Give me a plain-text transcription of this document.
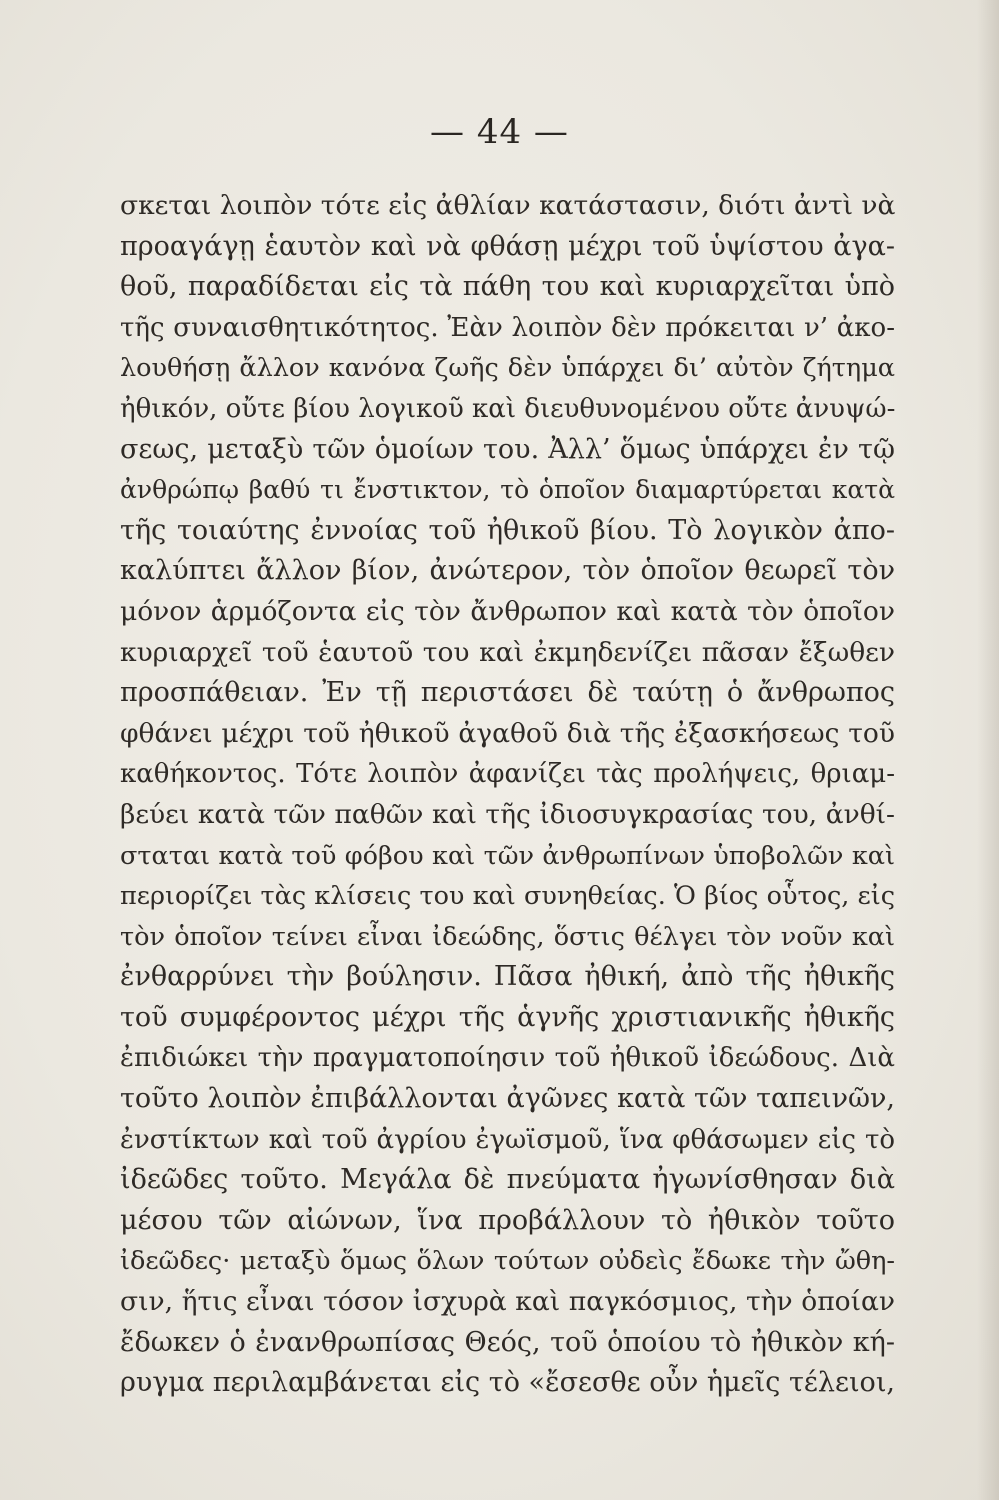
— 44 —
σκεται λοιπὸν τότε εἰς ἀθλίαν κατάστασιν, διότι ἀντὶ νὰ
προαγάγῃ ἑαυτὸν καὶ νὰ φθάσῃ μέχρι τοῦ ὑψίστου ἀγα-
θοῦ, παραδίδεται εἰς τὰ πάθη του καὶ κυριαρχεῖται ὑπὸ
τῆς συναισθητικότητος. Ἐὰν λοιπὸν δὲν πρόκειται ν’ ἀκο-
λουθήσῃ ἄλλον κανόνα ζωῆς δὲν ὑπάρχει δι’ αὐτὸν ζήτημα
ἠθικόν, οὔτε βίου λογικοῦ καὶ διευθυνομένου οὔτε ἀνυψώ-
σεως, μεταξὺ τῶν ὁμοίων του. Ἀλλ’ ὅμως ὑπάρχει ἐν τῷ
ἀνθρώπῳ βαθύ τι ἔνστικτον, τὸ ὁποῖον διαμαρτύρεται κατὰ
τῆς τοιαύτης ἐννοίας τοῦ ἠθικοῦ βίου. Τὸ λογικὸν ἀπο-
καλύπτει ἄλλον βίον, ἀνώτερον, τὸν ὁποῖον θεωρεῖ τὸν
μόνον ἁρμόζοντα εἰς τὸν ἄνθρωπον καὶ κατὰ τὸν ὁποῖον
κυριαρχεῖ τοῦ ἑαυτοῦ του καὶ ἐκμηδενίζει πᾶσαν ἔξωθεν
προσπάθειαν. Ἐν τῇ περιστάσει δὲ ταύτῃ ὁ ἄνθρωπος
φθάνει μέχρι τοῦ ἠθικοῦ ἀγαθοῦ διὰ τῆς ἐξασκήσεως τοῦ
καθήκοντος. Τότε λοιπὸν ἀφανίζει τὰς προλήψεις, θριαμ-
βεύει κατὰ τῶν παθῶν καὶ τῆς ἰδιοσυγκρασίας του, ἀνθί-
σταται κατὰ τοῦ φόβου καὶ τῶν ἀνθρωπίνων ὑποβολῶν καὶ
περιορίζει τὰς κλίσεις του καὶ συνηθείας. Ὁ βίος οὗτος, εἰς
τὸν ὁποῖον τείνει εἶναι ἰδεώδης, ὅστις θέλγει τὸν νοῦν καὶ
ἐνθαρρύνει τὴν βούλησιν. Πᾶσα ἠθική, ἀπὸ τῆς ἠθικῆς
τοῦ συμφέροντος μέχρι τῆς ἁγνῆς χριστιανικῆς ἠθικῆς
ἐπιδιώκει τὴν πραγματοποίησιν τοῦ ἠθικοῦ ἰδεώδους. Διὰ
τοῦτο λοιπὸν ἐπιβάλλονται ἀγῶνες κατὰ τῶν ταπεινῶν,
ἐνστίκτων καὶ τοῦ ἀγρίου ἐγωϊσμοῦ, ἵνα φθάσωμεν εἰς τὸ
ἰδεῶδες τοῦτο. Μεγάλα δὲ πνεύματα ἠγωνίσθησαν διὰ
μέσου τῶν αἰώνων, ἵνα προβάλλουν τὸ ἠθικὸν τοῦτο
ἰδεῶδες· μεταξὺ ὅμως ὅλων τούτων οὐδεὶς ἔδωκε τὴν ὤθη-
σιν, ἥτις εἶναι τόσον ἰσχυρὰ καὶ παγκόσμιος, τὴν ὁποίαν
ἔδωκεν ὁ ἐνανθρωπίσας Θεός, τοῦ ὁποίου τὸ ἠθικὸν κή-
ρυγμα περιλαμβάνεται εἰς τὸ «ἔσεσθε οὖν ἡμεῖς τέλειοι,
